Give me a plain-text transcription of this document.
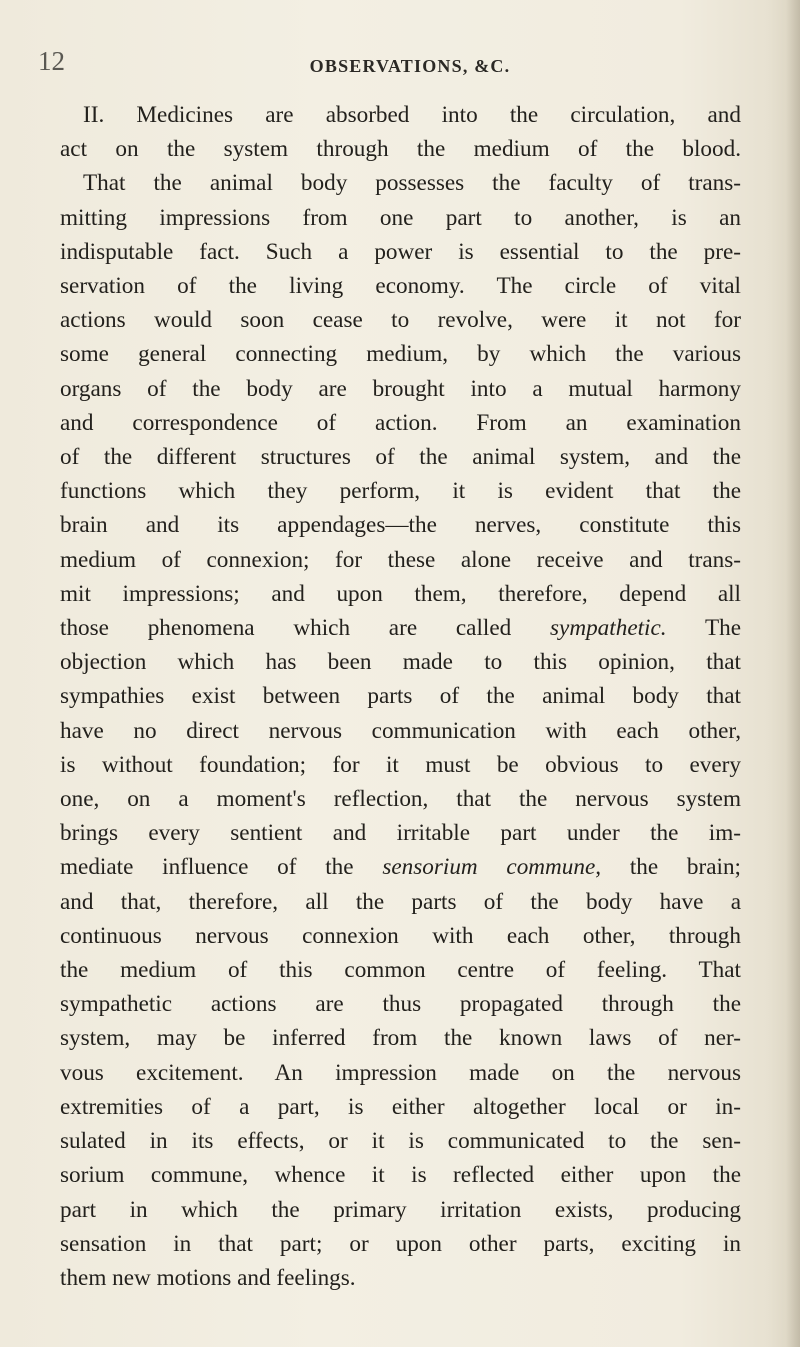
12	OBSERVATIONS, &C.
II. Medicines are absorbed into the circulation, and
act on the system through the medium of the blood.
That the animal body possesses the faculty of trans-
mitting impressions from one part to another, is an
indisputable fact. Such a power is essential to the pre-
servation of the living economy. The circle of vital
actions would soon cease to revolve, were it not for
some general connecting medium, by which the various
organs of the body are brought into a mutual harmony
and correspondence of action. From an examination
of the different structures of the animal system, and the
functions which they perform, it is evident that the
brain and its appendages—the nerves, constitute this
medium of connexion; for these alone receive and trans-
mit impressions; and upon them, therefore, depend all
those phenomena which are called sympathetic. The
objection which has been made to this opinion, that
sympathies exist between parts of the animal body that
have no direct nervous communication with each other,
is without foundation; for it must be obvious to every
one, on a moment's reflection, that the nervous system
brings every sentient and irritable part under the im-
mediate influence of the sensorium commune, the brain;
and that, therefore, all the parts of the body have a
continuous nervous connexion with each other, through
the medium of this common centre of feeling. That
sympathetic actions are thus propagated through the
system, may be inferred from the known laws of ner-
vous excitement. An impression made on the nervous
extremities of a part, is either altogether local or in-
sulated in its effects, or it is communicated to the sen-
sorium commune, whence it is reflected either upon the
part in which the primary irritation exists, producing
sensation in that part; or upon other parts, exciting in
them new motions and feelings.
